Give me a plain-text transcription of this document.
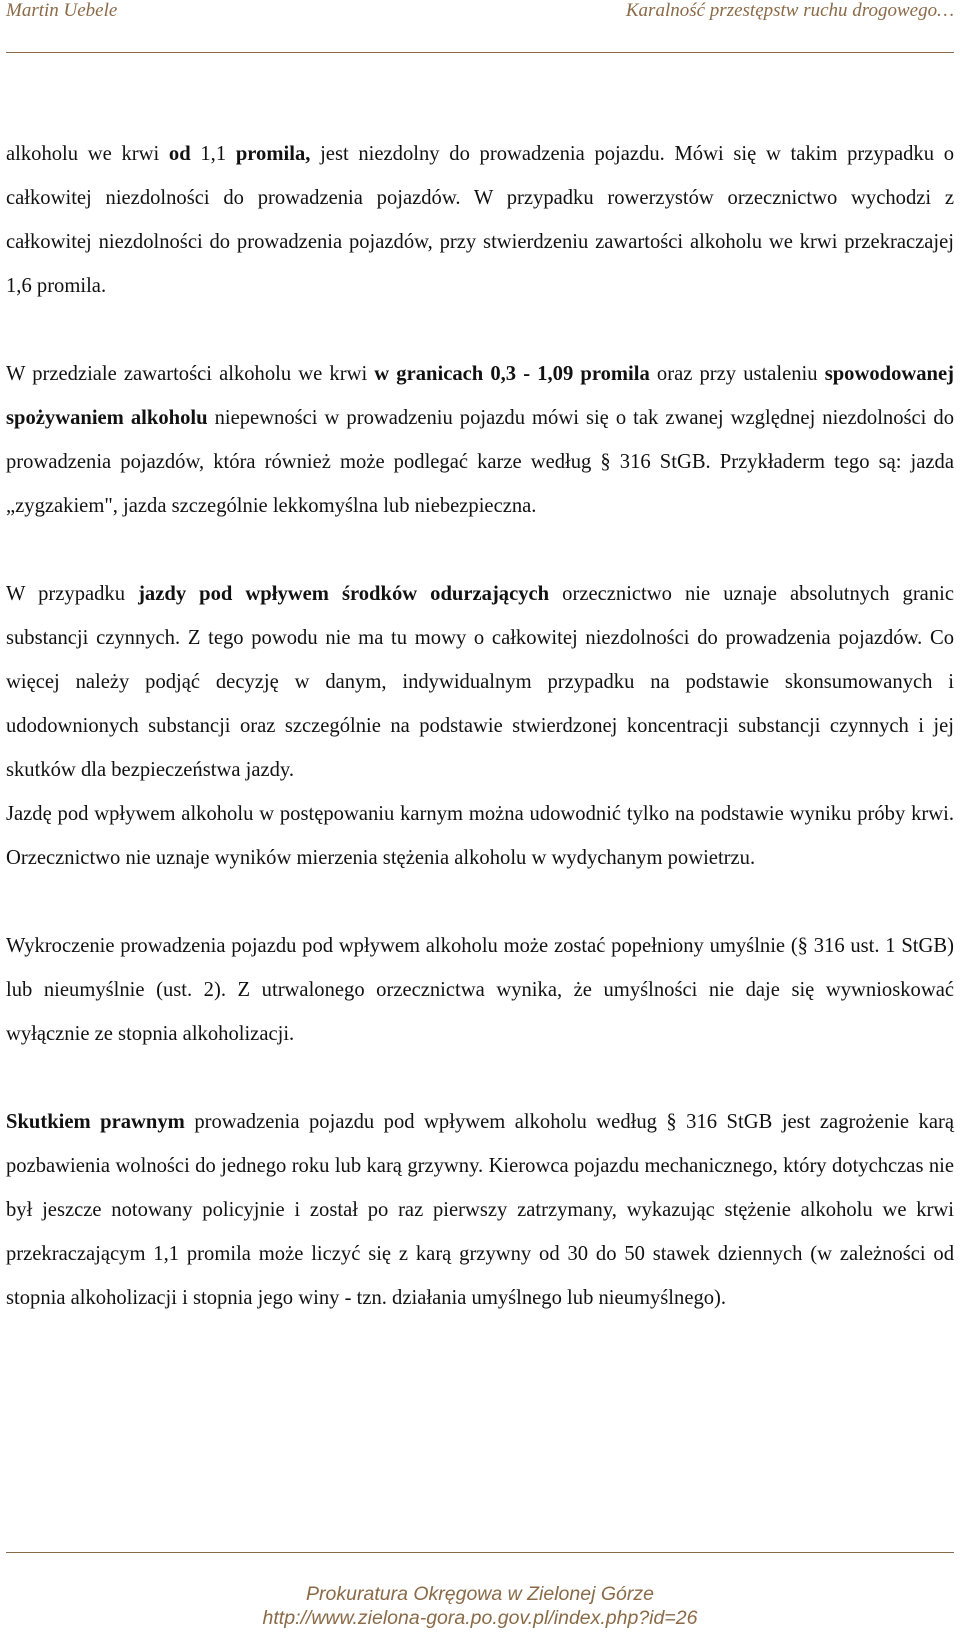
Martin Uebele	Karalność przestępstw ruchu drogowego…

alkoholu we krwi od 1,1 promila, jest niezdolny do prowadzenia pojazdu. Mówi się w takim przypadku o całkowitej niezdolności do prowadzenia pojazdów. W przypadku rowerzystów orzecznictwo wychodzi z całkowitej niezdolności do prowadzenia pojazdów, przy stwierdzeniu zawartości alkoholu we krwi przekraczajej 1,6 promila.

W przedziale zawartości alkoholu we krwi w granicach 0,3 - 1,09 promila oraz przy ustaleniu spowodowanej spożywaniem alkoholu niepewności w prowadzeniu pojazdu mówi się o tak zwanej względnej niezdolności do prowadzenia pojazdów, która również może podlegać karze według § 316 StGB. Przykładerm tego są: jazda „zygzakiem", jazda szczególnie lekkomyślna lub niebezpieczna.

W przypadku jazdy pod wpływem środków odurzających orzecznictwo nie uznaje absolutnych granic substancji czynnych. Z tego powodu nie ma tu mowy o całkowitej niezdolności do prowadzenia pojazdów. Co więcej należy podjąć decyzję w danym, indywidualnym przypadku na podstawie skonsumowanych i udodownionych substancji oraz szczególnie na podstawie stwierdzonej koncentracji substancji czynnych i jej skutków dla bezpieczeństwa jazdy.

Jazdę pod wpływem alkoholu w postępowaniu karnym można udowodnić tylko na podstawie wyniku próby krwi. Orzecznictwo nie uznaje wyników mierzenia stężenia alkoholu w wydychanym powietrzu.

Wykroczenie prowadzenia pojazdu pod wpływem alkoholu może zostać popełniony umyślnie (§ 316 ust. 1 StGB) lub nieumyślnie (ust. 2). Z utrwalonego orzecznictwa wynika, że umyślności nie daje się wywnioskować wyłącznie ze stopnia alkoholizacji.

Skutkiem prawnym prowadzenia pojazdu pod wpływem alkoholu według § 316 StGB jest zagrożenie karą pozbawienia wolności do jednego roku lub karą grzywny. Kierowca pojazdu mechanicznego, który dotychczas nie był jeszcze notowany policyjnie i został po raz pierwszy zatrzymany, wykazując stężenie alkoholu we krwi przekraczającym 1,1 promila może liczyć się z karą grzywny od 30 do 50 stawek dziennych (w zależności od stopnia alkoholizacji i stopnia jego winy - tzn. działania umyślnego lub nieumyślnego).

Prokuratura Okręgowa w Zielonej Górze
http://www.zielona-gora.po.gov.pl/index.php?id=26
